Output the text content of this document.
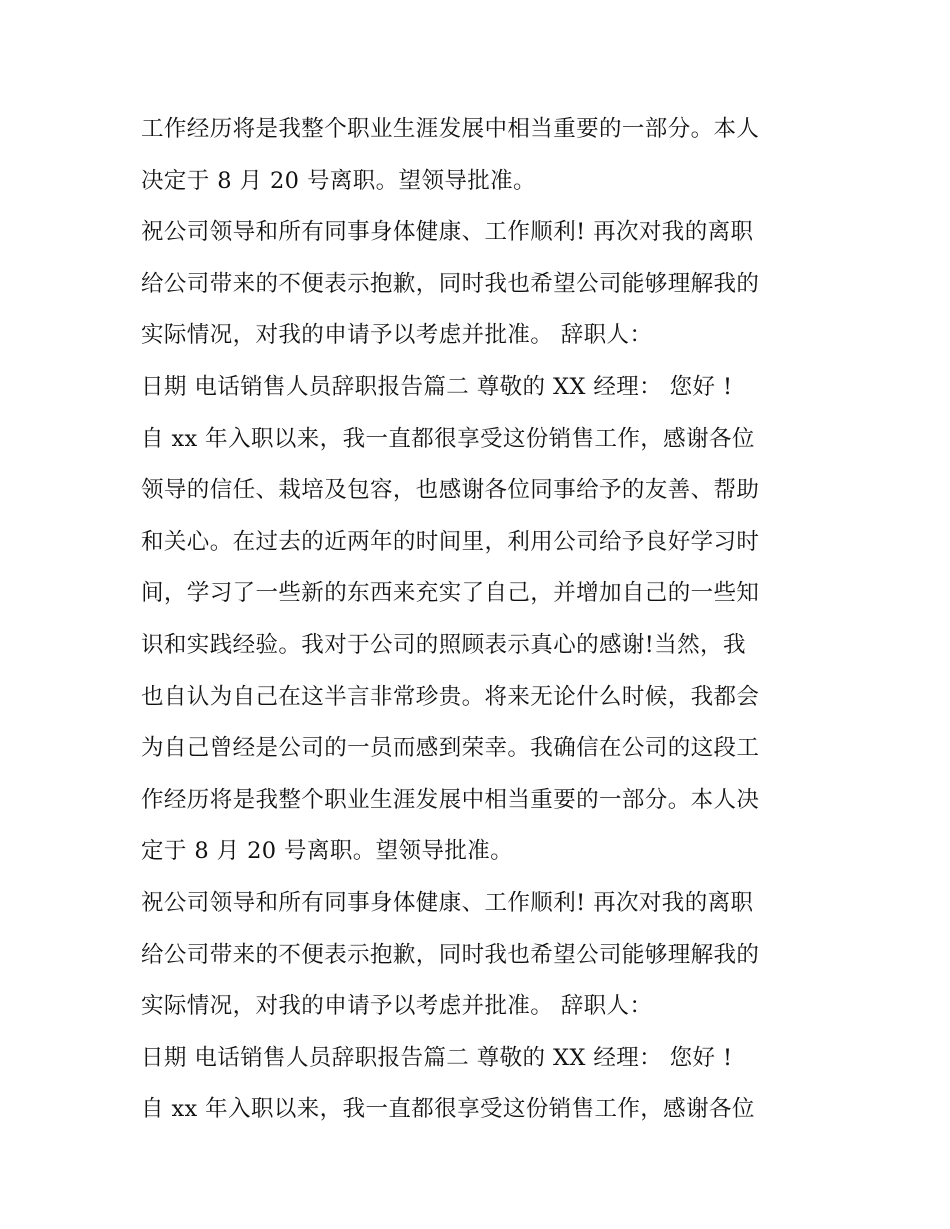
工作经历将是我整个职业生涯发展中相当重要的一部分。本人
决定于 8 月 20 号离职。望领导批准。
祝公司领导和所有同事身体健康、工作顺利! 再次对我的离职
给公司带来的不便表示抱歉，同时我也希望公司能够理解我的
实际情况，对我的申请予以考虑并批准。 辞职人：
日期 电话销售人员辞职报告篇二 尊敬的 XX 经理： 您好 !
自 xx 年入职以来，我一直都很享受这份销售工作，感谢各位
领导的信任、栽培及包容，也感谢各位同事给予的友善、帮助
和关心。在过去的近两年的时间里，利用公司给予良好学习时
间，学习了一些新的东西来充实了自己，并增加自己的一些知
识和实践经验。我对于公司的照顾表示真心的感谢!当然，我
也自认为自己在这半言非常珍贵。将来无论什么时候，我都会
为自己曾经是公司的一员而感到荣幸。我确信在公司的这段工
作经历将是我整个职业生涯发展中相当重要的一部分。本人决
定于 8 月 20 号离职。望领导批准。
祝公司领导和所有同事身体健康、工作顺利! 再次对我的离职
给公司带来的不便表示抱歉，同时我也希望公司能够理解我的
实际情况，对我的申请予以考虑并批准。 辞职人：
日期 电话销售人员辞职报告篇二 尊敬的 XX 经理： 您好 !
自 xx 年入职以来，我一直都很享受这份销售工作，感谢各位
